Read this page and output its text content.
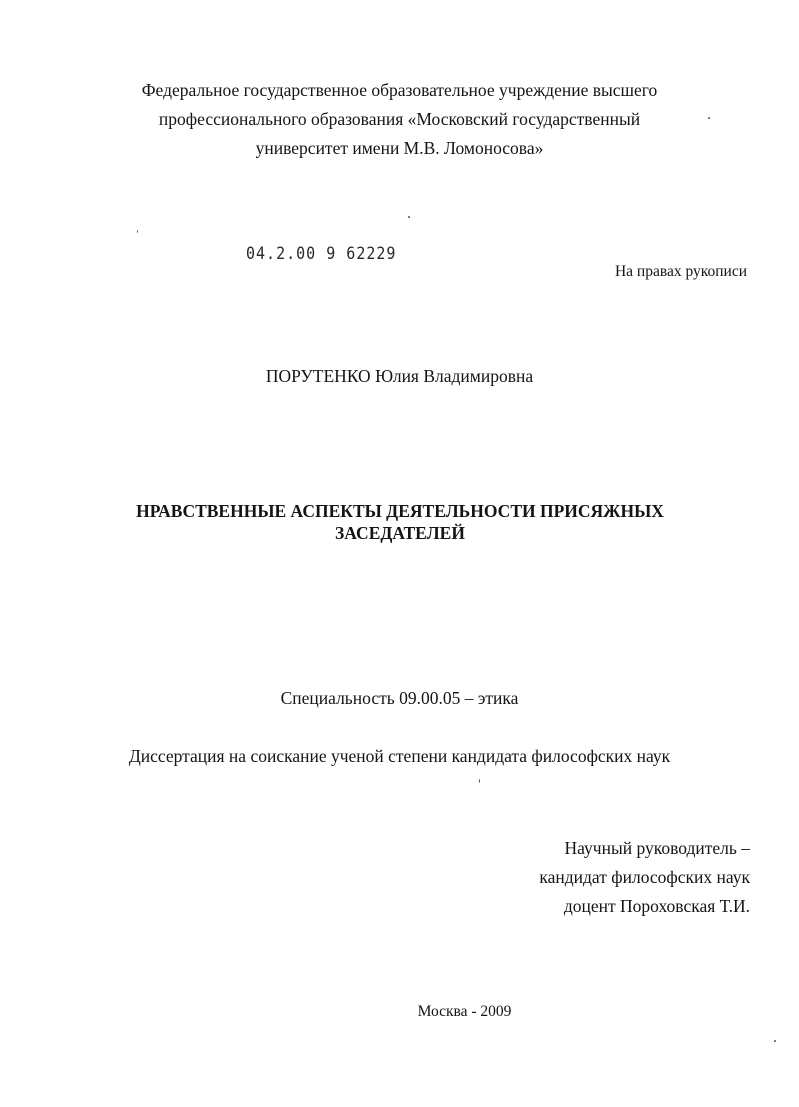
Федеральное государственное образовательное учреждение высшего
профессионального образования «Московский государственный
университет имени М.В. Ломоносова»
04.2.00 9 62229
На правах рукописи
ПОРУТЕНКО Юлия Владимировна
НРАВСТВЕННЫЕ АСПЕКТЫ ДЕЯТЕЛЬНОСТИ ПРИСЯЖНЫХ
ЗАСЕДАТЕЛЕЙ
Специальность 09.00.05 – этика
Диссертация на соискание ученой степени кандидата философских наук
Научный руководитель –
кандидат философских наук
доцент Пороховская Т.И.
Москва - 2009
